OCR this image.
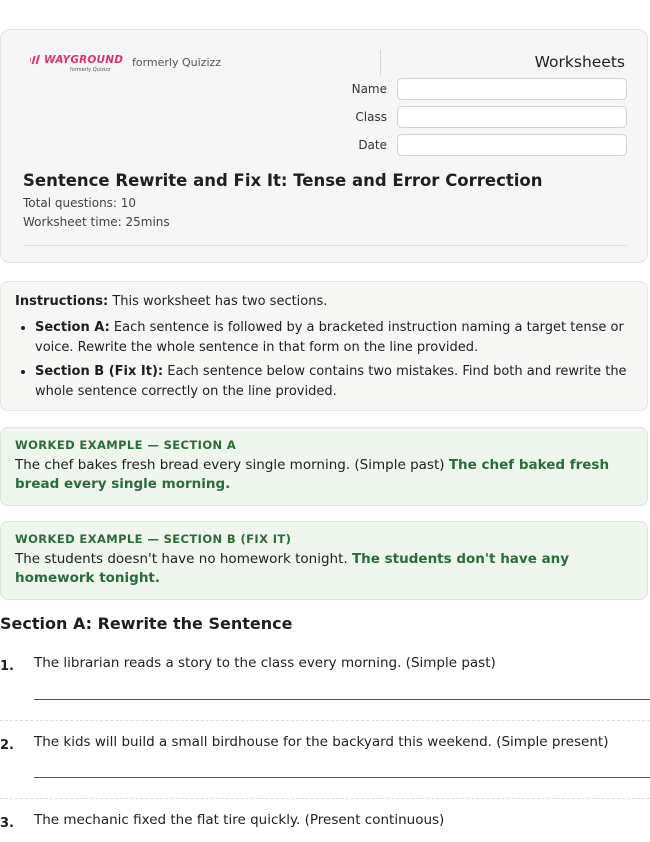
WAYGROUND
formerly Quizizz
formerly Quizizz	Worksheets
Name
Class
Date
Sentence Rewrite and Fix It: Tense and Error Correction
Total questions: 10
Worksheet time: 25mins

Instructions: This worksheet has two sections.

• Section A: Each sentence is followed by a bracketed instruction naming a target tense or voice. Rewrite the whole sentence in that form on the line provided.
• Section B (Fix It): Each sentence below contains two mistakes. Find both and rewrite the whole sentence correctly on the line provided.
WORKED EXAMPLE — SECTION A
The chef bakes fresh bread every single morning. (Simple past) The chef baked fresh bread every single morning.
WORKED EXAMPLE — SECTION B (FIX IT)
The students doesn't have no homework tonight. The students don't have any homework tonight.
Section A: Rewrite the Sentence
1. The librarian reads a story to the class every morning. (Simple past)
2. The kids will build a small birdhouse for the backyard this weekend. (Simple present)
3. The mechanic fixed the flat tire quickly. (Present continuous)
